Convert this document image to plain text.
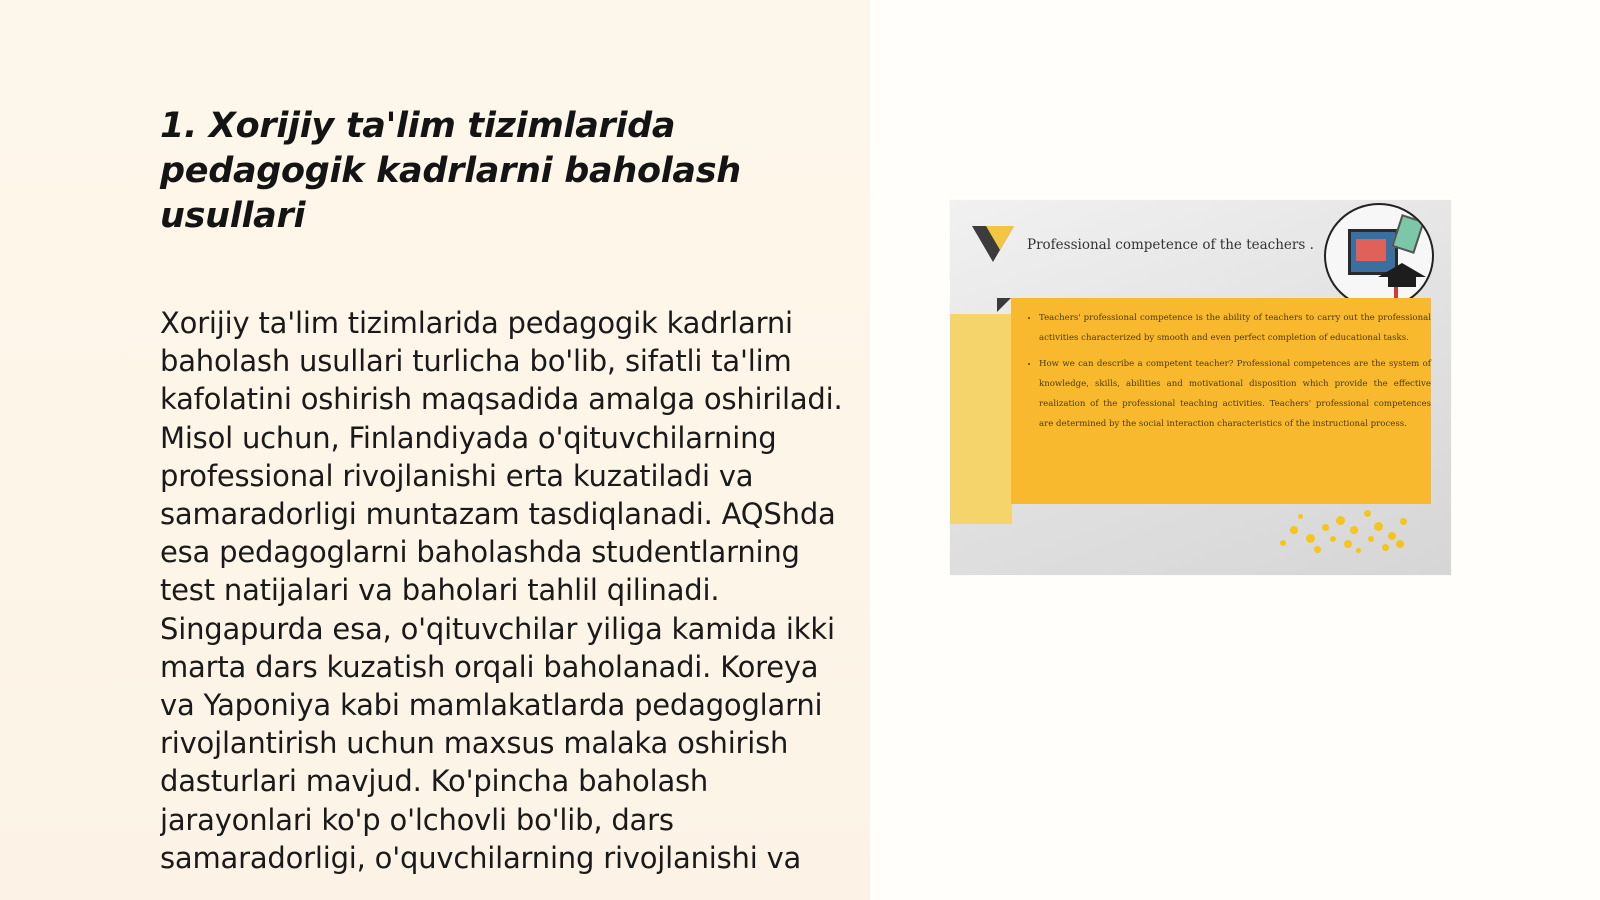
1. Xorijiy ta'lim tizimlarida pedagogik kadrlarni baholash usullari

Xorijiy ta'lim tizimlarida pedagogik kadrlarni baholash usullari turlicha bo'lib, sifatli ta'lim kafolatini oshirish maqsadida amalga oshiriladi. Misol uchun, Finlandiyada o'qituvchilarning professional rivojlanishi erta kuzatiladi va samaradorligi muntazam tasdiqlanadi. AQShda esa pedagoglarni baholashda studentlarning test natijalari va baholari tahlil qilinadi. Singapurda esa, o'qituvchilar yiliga kamida ikki marta dars kuzatish orqali baholanadi. Koreya va Yaponiya kabi mamlakatlarda pedagoglarni rivojlantirish uchun maxsus malaka oshirish dasturlari mavjud. Ko'pincha baholash jarayonlari ko'p o'lchovli bo'lib, dars samaradorligi, o'quvchilarning rivojlanishi va

Professional competence of the teachers .
• Teachers' professional competence is the ability of teachers to carry out the professional activities characterized by smooth and even perfect completion of educational tasks.
• How we can describe a competent teacher? Professional competences are the system of knowledge, skills, abilities and motivational disposition which provide the effective realization of the professional teaching activities. Teachers' professional competences are determined by the social interaction characteristics of the instructional process.
